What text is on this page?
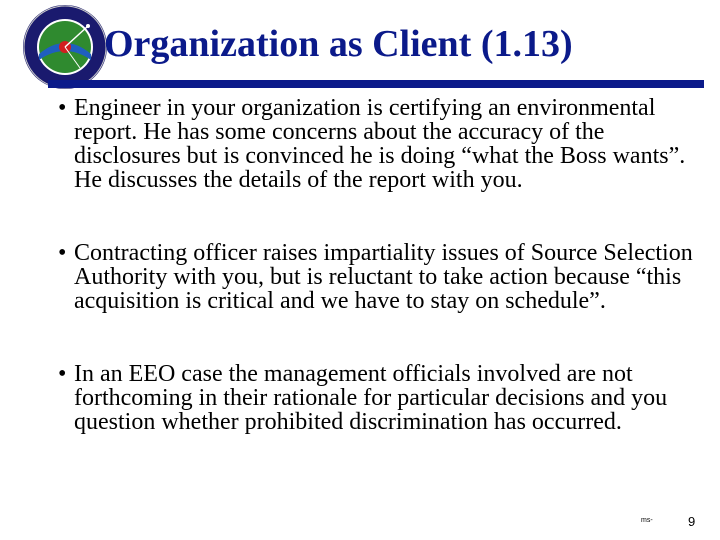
Organization as Client (1.13)
• Engineer in your organization is certifying an environmental report. He has some concerns about the accuracy of the disclosures but is convinced he is doing “what the Boss wants”. He discusses the details of the report with you.
• Contracting officer raises impartiality issues of Source Selection Authority with you, but is reluctant to take action because “this acquisition is critical and we have to stay on schedule”.
• In an EEO case the management officials involved are not forthcoming in their rationale for particular decisions and you question whether prohibited discrimination has occurred.
ms-	9
